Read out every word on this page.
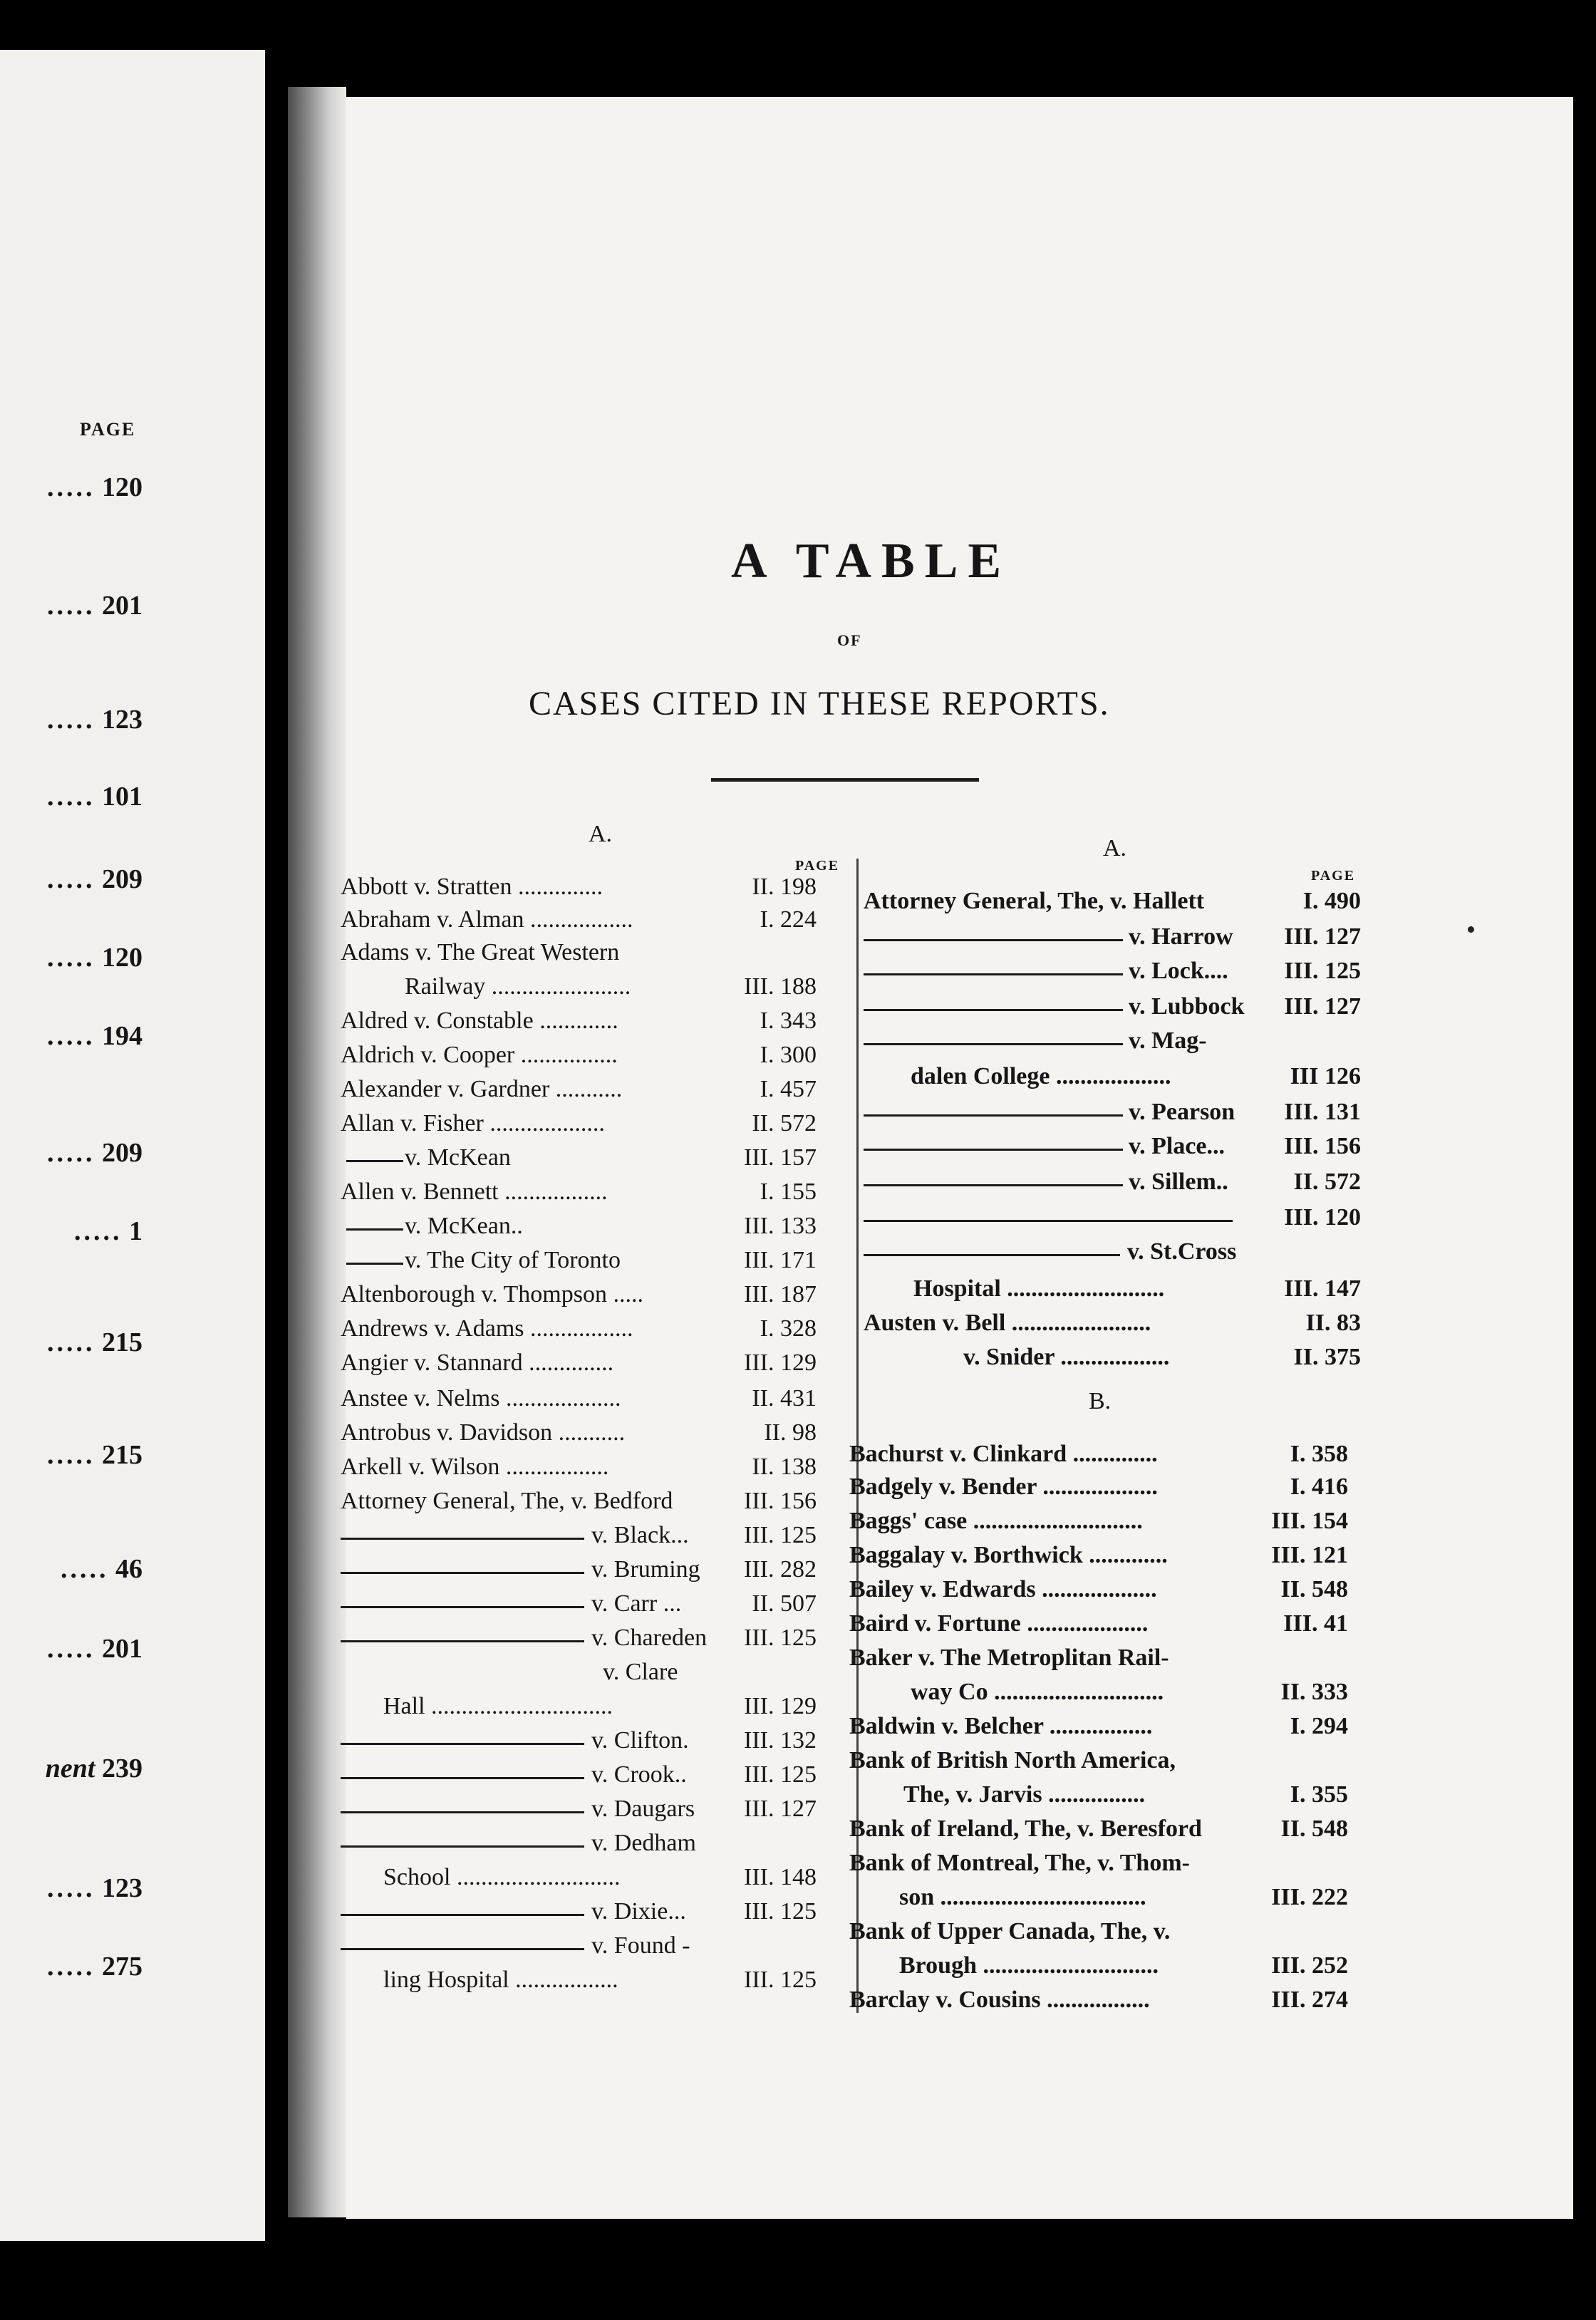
PAGE
..... 120
..... 201
..... 123
..... 101
..... 209
..... 120
..... 194
..... 209
..... 1
..... 215
..... 215
..... 46
..... 201
nent 239
..... 123
..... 275
A TABLE
OF
CASES CITED IN THESE REPORTS.
A.
PAGE
A.
PAGE
B.
Abbott v. Stratten ..............	II. 198
Abraham v. Alman .................	I. 224
Adams v. The Great Western
Railway .......................	III. 188
Aldred v. Constable .............	I. 343
Aldrich v. Cooper ................	I. 300
Alexander v. Gardner ...........	I. 457
Allan v. Fisher ...................	II. 572
v. McKean	III. 157
Allen v. Bennett .................	I. 155
v. McKean..	III. 133
v. The City of Toronto	III. 171
Altenborough v. Thompson .....	III. 187
Andrews v. Adams .................	I. 328
Angier v. Stannard ..............	III. 129
Anstee v. Nelms ...................	II. 431
Antrobus v. Davidson ...........	II. 98
Arkell v. Wilson .................	II. 138
Attorney General, The, v. Bedford	III. 156
v. Black... III. 125
v. Bruming III. 282
v. Carr ...	II. 507
v. Chareden III. 125
v. Clare
Hall ..............................	III. 129
v. Clifton. III. 132
v. Crook.. III. 125
v. Daugars III. 127
v. Dedham
School ...........................	III. 148
v. Dixie... III. 125
v. Found -
ling Hospital .................	III. 125
Attorney General, The, v. Hallett	I. 490
v. Harrow III. 127
v. Lock.... III. 125
v. Lubbock III. 127
v. Mag-
dalen College ...................	III 126
v. Pearson III. 131
v. Place... III. 156
v. Sillem..	II. 572
III. 120
v. St.Cross
Hospital ..........................	III. 147
Austen v. Bell .......................	II. 83
v. Snider ..................	II. 375
Bachurst v. Clinkard ..............	I. 358
Badgely v. Bender ...................	I. 416
Baggs' case ............................	III. 154
Baggalay v. Borthwick .............	III. 121
Bailey v. Edwards ...................	II. 548
Baird v. Fortune ....................	III. 41
Baker v. The Metroplitan Rail-
way Co ............................	II. 333
Baldwin v. Belcher .................	I. 294
Bank of British North America,
The, v. Jarvis ................	I. 355
Bank of Ireland, The, v. Beresford	II. 548
Bank of Montreal, The, v. Thom-
son ..................................	III. 222
Bank of Upper Canada, The, v.
Brough .............................	III. 252
Barclay v. Cousins .................	III. 274
